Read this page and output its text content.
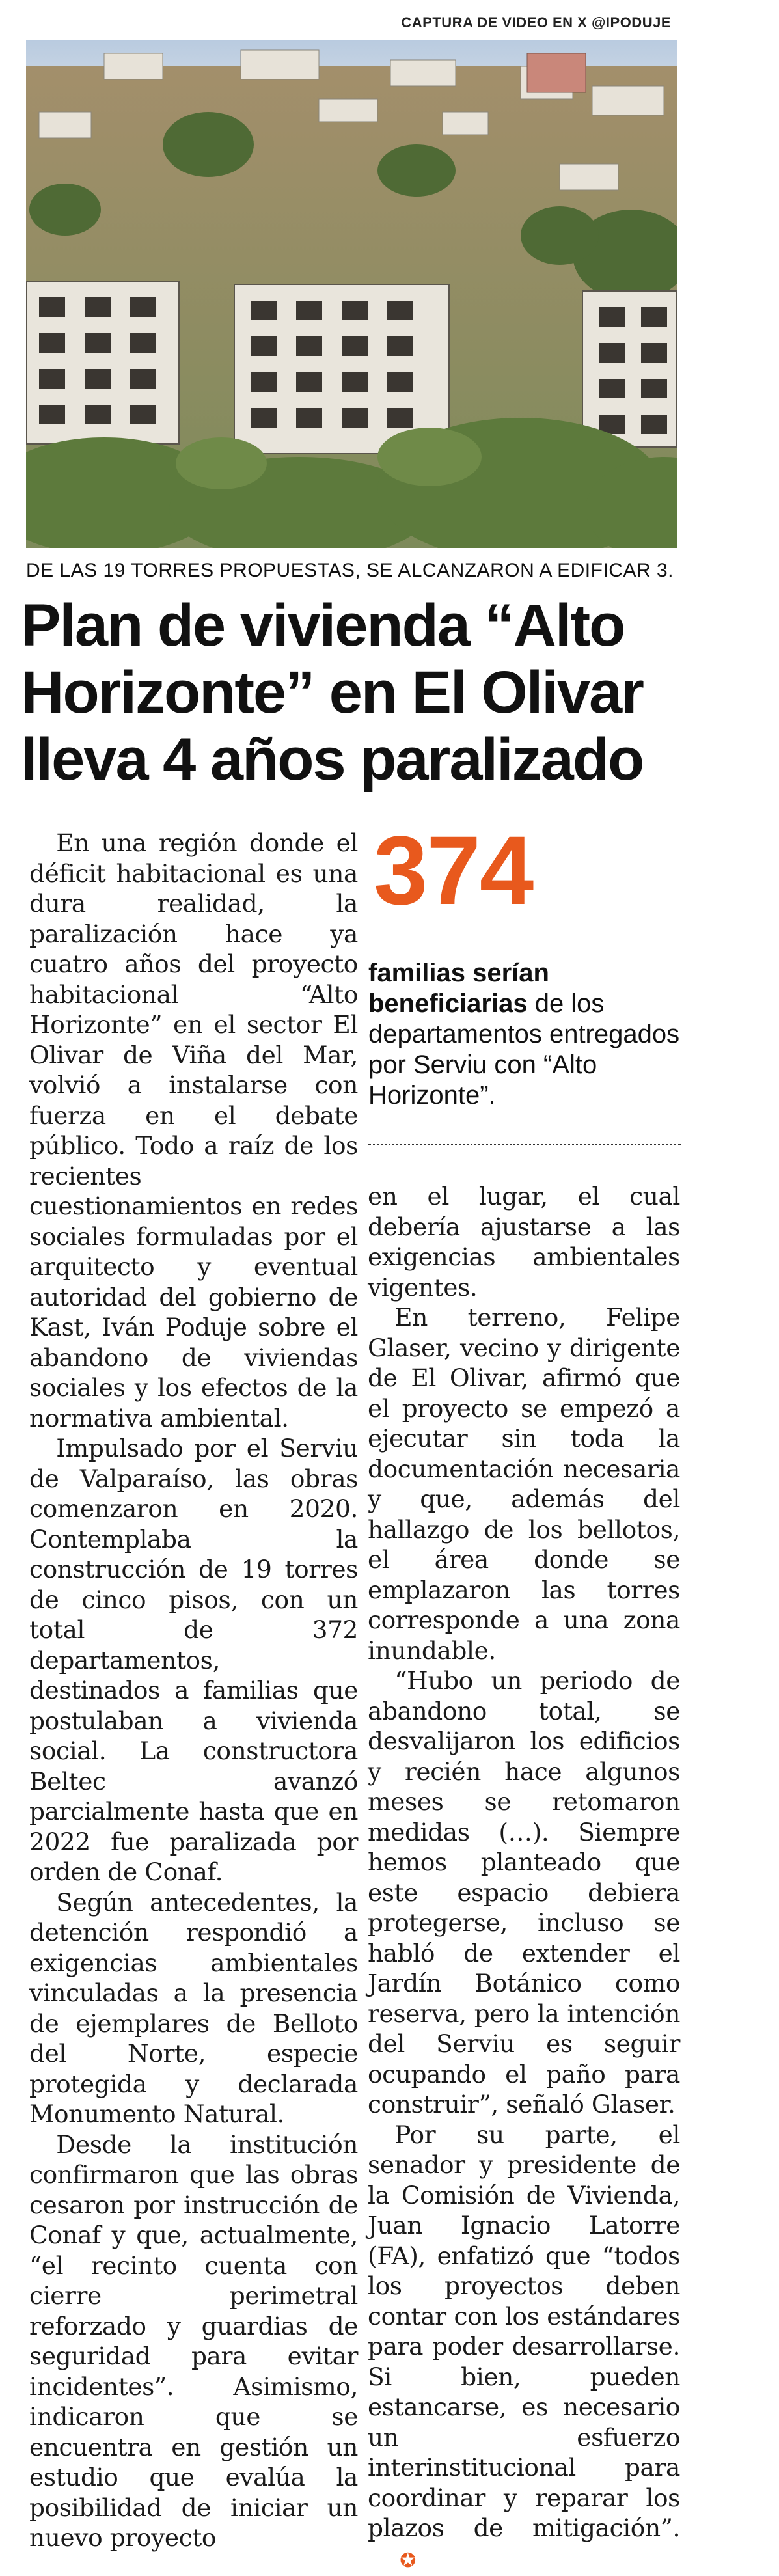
CAPTURA DE VIDEO EN X @IPODUJE
DE LAS 19 TORRES PROPUESTAS, SE ALCANZARON A EDIFICAR 3.
Plan de vivienda “Alto Horizonte” en El Olivar lleva 4 años paralizado

En una región donde el déficit habitacional es una dura realidad, la paralización hace ya cuatro años del proyecto habitacional “Alto Horizonte” en el sector El Olivar de Viña del Mar, volvió a instalarse con fuerza en el debate público. Todo a raíz de los recientes cuestionamientos en redes sociales formuladas por el arquitecto y eventual autoridad del gobierno de Kast, Iván Poduje sobre el abandono de viviendas sociales y los efectos de la normativa ambiental.

Impulsado por el Serviu de Valparaíso, las obras comenzaron en 2020. Contemplaba la construcción de 19 torres de cinco pisos, con un total de 372 departamentos, destinados a familias que postulaban a vivienda social. La constructora Beltec avanzó parcialmente hasta que en 2022 fue paralizada por orden de Conaf.

Según antecedentes, la detención respondió a exigencias ambientales vinculadas a la presencia de ejemplares de Belloto del Norte, especie protegida y declarada Monumento Natural.

Desde la institución confirmaron que las obras cesaron por instrucción de Conaf y que, actualmente, “el recinto cuenta con cierre perimetral reforzado y guardias de seguridad para evitar incidentes”. Asimismo, indicaron que se encuentra en gestión un estudio que evalúa la posibilidad de iniciar un nuevo proyecto

374
familias serían beneficiarias de los departamentos entregados por Serviu con “Alto Horizonte”.

en el lugar, el cual debería ajustarse a las exigencias ambientales vigentes.

En terreno, Felipe Glaser, vecino y dirigente de El Olivar, afirmó que el proyecto se empezó a ejecutar sin toda la documentación necesaria y que, además del hallazgo de los bellotos, el área donde se emplazaron las torres corresponde a una zona inundable.

“Hubo un periodo de abandono total, se desvalijaron los edificios y recién hace algunos meses se retomaron medidas (…). Siempre hemos planteado que este espacio debiera protegerse, incluso se habló de extender el Jardín Botánico como reserva, pero la intención del Serviu es seguir ocupando el paño para construir”, señaló Glaser.

Por su parte, el senador y presidente de la Comisión de Vivienda, Juan Ignacio Latorre (FA), enfatizó que “todos los proyectos deben contar con los estándares para poder desarrollarse. Si bien, pueden estancarse, es necesario un esfuerzo interinstitucional para coordinar y reparar los plazos de mitigación”.✪
